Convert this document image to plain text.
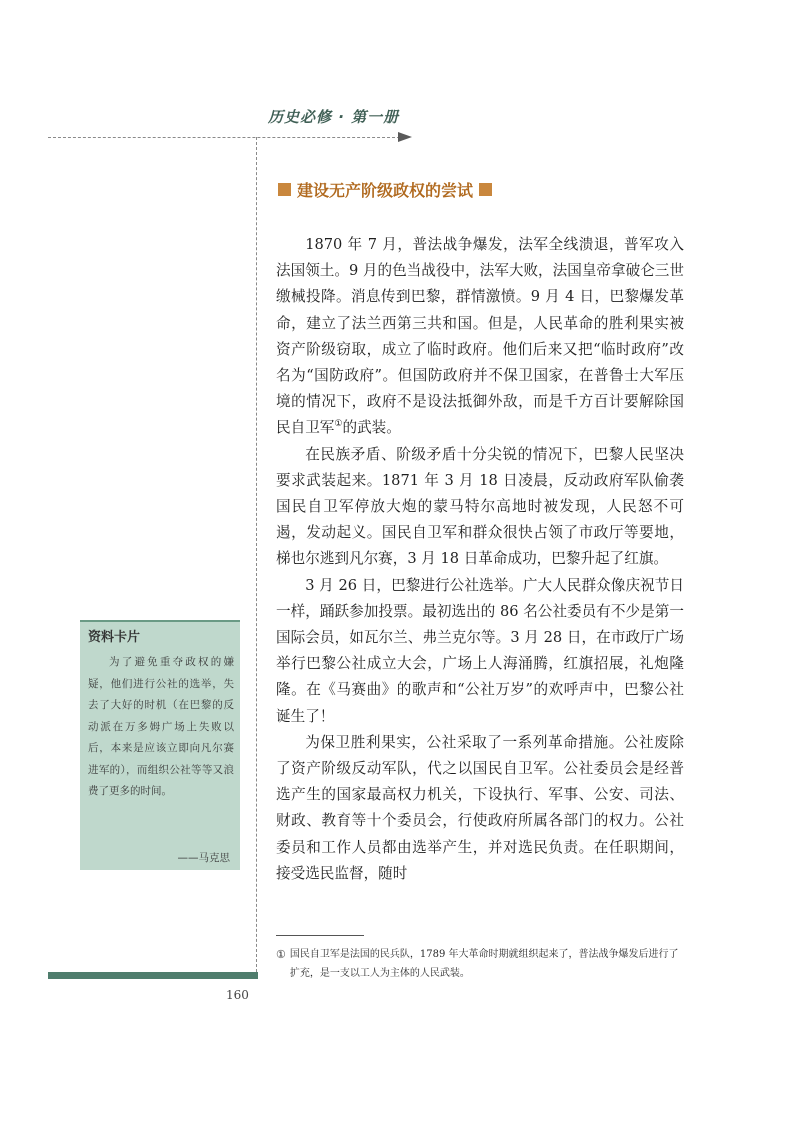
历史必修 · 第一册
建设无产阶级政权的尝试

1870 年 7 月，普法战争爆发，法军全线溃退，普军攻入法国领土。9 月的色当战役中，法军大败，法国皇帝拿破仑三世缴械投降。消息传到巴黎，群情激愤。9 月 4 日，巴黎爆发革命，建立了法兰西第三共和国。但是，人民革命的胜利果实被资产阶级窃取，成立了临时政府。他们后来又把“临时政府”改名为“国防政府”。但国防政府并不保卫国家，在普鲁士大军压境的情况下，政府不是设法抵御外敌，而是千方百计要解除国民自卫军①的武装。

在民族矛盾、阶级矛盾十分尖锐的情况下，巴黎人民坚决要求武装起来。1871 年 3 月 18 日凌晨，反动政府军队偷袭国民自卫军停放大炮的蒙马特尔高地时被发现，人民怒不可遏，发动起义。国民自卫军和群众很快占领了市政厅等要地，梯也尔逃到凡尔赛，3 月 18 日革命成功，巴黎升起了红旗。

3 月 26 日，巴黎进行公社选举。广大人民群众像庆祝节日一样，踊跃参加投票。最初选出的 86 名公社委员有不少是第一国际会员，如瓦尔兰、弗兰克尔等。3 月 28 日，在市政厅广场举行巴黎公社成立大会，广场上人海涌腾，红旗招展，礼炮隆隆。在《马赛曲》的歌声和“公社万岁”的欢呼声中，巴黎公社诞生了！

为保卫胜利果实，公社采取了一系列革命措施。公社废除了资产阶级反动军队，代之以国民自卫军。公社委员会是经普选产生的国家最高权力机关，下设执行、军事、公安、司法、财政、教育等十个委员会，行使政府所属各部门的权力。公社委员和工作人员都由选举产生，并对选民负责。在任职期间，接受选民监督，随时

① 国民自卫军是法国的民兵队，1789 年大革命时期就组织起来了，普法战争爆发后进行了扩充，是一支以工人为主体的人民武装。
资料卡片

为了避免重夺政权的嫌疑，他们进行公社的选举，失去了大好的时机（在巴黎的反动派在万多姆广场上失败以后，本来是应该立即向凡尔赛进军的），而组织公社等等又浪费了更多的时间。

——马克思
160
